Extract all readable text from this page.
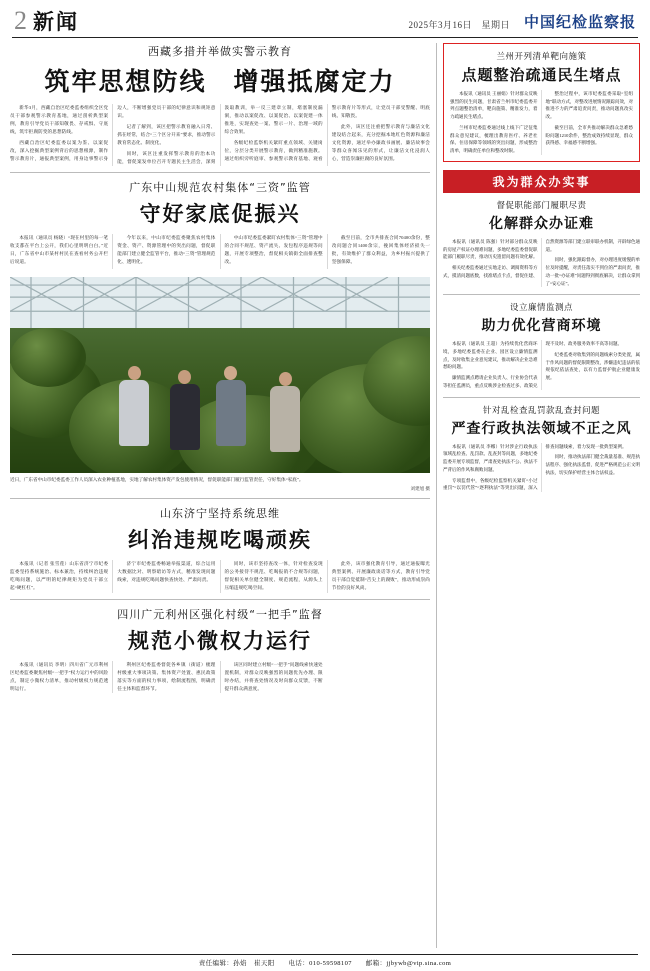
2 新闻	2025年3月16日　星期日 中国纪检监察报
西藏多措并举做实警示教育
筑牢思想防线　增强抵腐定力

新华3月，西藏自治区纪委监委组织全区党员干部参观警示教育基地，通过剖析典型案例，教育引导党员干部知敬畏、存戒惧、守底线，筑牢拒腐防变的思想防线。

西藏自治区纪委监委以案为鉴、以案促改，深入挖掘典型案例背后的思想根源，制作警示教育片，通报典型案例，用身边事警示身边人，不断增强党员干部的纪律意识和规矩意识。

记者了解到，该区把警示教育融入日常、抓在经常，结合“三个区分开来”要求，推动警示教育常态化、制度化。

同时，该区注重发挥警示教育的治本功能，督促案发单位召开专题民主生活会，深刻汲取教训，举一反三建章立制，堵塞制度漏洞，推动以案促改、以案促治、以案促建一体推进，实现查处一案、警示一片、治理一域的综合效果。

各级纪检监察机关紧盯重点领域、关键岗位，分层分类开展警示教育，做到精准施教。通过组织旁听庭审、参观警示教育基地、观看警示教育片等形式，让党员干部受警醒、明底线、知敬畏。

此外，该区还注重把警示教育与廉洁文化建设结合起来，充分挖掘本地红色资源和廉洁文化资源，通过举办廉政书画展、廉洁故事会等群众喜闻乐见的形式，让廉洁文化浸润人心，营造崇廉拒腐的良好氛围。

广东中山规范农村集体“三资”监管
守好家底促振兴

本报讯（通讯员 杨晓）“现在村里的每一笔收支都在平台上公开，我们心里明明白白。”近日，广东省中山市某村村民在查看村务公开栏后说道。

今年以来，中山市纪委监委聚焦农村集体资金、资产、资源管理中的突出问题，督促职能部门建立健全监管平台，推动“三资”管理规范化、透明化。

中山市纪委监委紧盯农村集体“三资”管理中的合同不规范、资产流失、发包程序违规等问题，开展专项整治，督促相关镇街全面排查整改。

截至目前，全市共排查合同70400余份，整改问题合同1400余宗，挽回集体经济损失一批，有效维护了群众利益，为乡村振兴提供了坚强保障。

近日，广东省中山市纪委监委工作人员深入农业种植基地，实地了解农村集体资产发包使用情况，督促职能部门履行监管责任，守好集体“家底”。
刘建旭 摄
山东济宁坚持系统思维
纠治违规吃喝顽疾

本报讯（记者 张雪莲）山东省济宁市纪委监委坚持系统施治、标本兼治，持续纠治违规吃喝问题，以严明的纪律规矩为党员干部立起“硬杠杠”。

济宁市纪委监委畅通举报渠道，综合运用大数据比对、明察暗访等方式，精准发现问题线索，对违规吃喝问题快查快处、严肃问责。

同时，该市坚持查改一体，针对检查发现的公务接待不规范、吃喝报销不合规等问题，督促相关单位健全制度、规范流程，从源头上压缩违规吃喝空间。

此外，该市强化教育引导，通过通报曝光典型案例、开展廉政谈话等方式，教育引导党员干部自觉抵制“舌尖上的腐败”，推动形成崇尚节俭的良好风尚。

四川广元利州区强化村级“一把手”监督
规范小微权力运行

本报讯（通讯员 李明）四川省广元市利州区纪委监委聚焦村级“一把手”权力运行中的风险点，制定小微权力清单，推动村级权力规范透明运行。

利州区纪委监委督促各乡镇（街道）梳理村级重大事项决策、集体资产处置、惠民政策落实等方面的权力事项，绘制流程图，明确责任主体和监督环节。

该区同时建立村级“一把手”问题线索快速处置机制，对群众反映强烈的问题优先办理、限时办结，并将查处情况及时向群众反馈，不断提升群众满意度。

兰州开列清单靶向施策
点题整治疏通民生堵点

本报讯（通讯员 王丽娟）针对群众反映强烈的民生问题，甘肃省兰州市纪委监委开列点题整治清单，靶向施策、精准发力，着力疏通民生堵点。

兰州市纪委监委通过线上线下广泛征集群众意见建议，梳理出教育医疗、养老社保、住房保障等领域的突出问题，形成整治清单，明确责任单位和整改时限。

整治过程中，该市纪委监委采取“室组地”联动方式，对整改进展情况跟踪问效，对推进不力的严肃追责问责，推动问题真改实改。

截至目前，全市共推动解决群众急难愁盼问题1210余件，整治成效持续显现，群众获得感、幸福感不断增强。

我为群众办实事
督促职能部门履职尽责
化解群众办证难

本报讯（通讯员 陈强）针对部分群众反映的房屋产权证办理难问题，多地纪委监委督促职能部门履职尽责，推动历史遗留问题有效化解。

相关纪委监委通过实地走访、调阅资料等方式，摸清问题底数，找准堵点卡点，督促住建、自然资源等部门建立联审联办机制，开辟绿色通道。

同时，强化跟踪督办，对办理进度缓慢的单位及时提醒，对责任落实不到位的严肃问责，推动一批“办证难”问题得到彻底解决，让群众拿到了“安心证”。

设立廉情监测点
助力优化营商环境

本报讯（通讯员 王超）为持续优化营商环境，多地纪委监委在企业、园区设立廉情监测点，及时收集企业意见建议，推动解决企业急难愁盼问题。

廉情监测点聘请企业负责人、行业协会代表等担任监测员，重点反映涉企检查过多、政策兑现不及时、政务服务效率不高等问题。

纪委监委对收集到的问题线索分类处置，属于作风问题的督促限期整改，涉嫌违纪违法的依规依纪依法查处，以有力监督护航企业健康发展。

针对乱检查乱罚款乱查封问题
严查行政执法领域不正之风

本报讯（通讯员 李娜）针对涉企行政执法领域乱检查、乱罚款、乱查封等问题，多地纪委监委开展专项监督，严肃查处执法不公、执法不严背后的作风和腐败问题。

专项监督中，各级纪检监察机关紧盯“小过重罚”“以罚代管”“逐利执法”等突出问题，深入排查问题线索，着力发现一批典型案例。

同时，推动执法部门健全裁量基准、规范执法程序、强化执法监督，促进严格规范公正文明执法，切实保护经营主体合法权益。

责任编辑：孙焰　崔天阳　　电话：010-59598107　　邮箱：jjbywb@vip.sina.com
